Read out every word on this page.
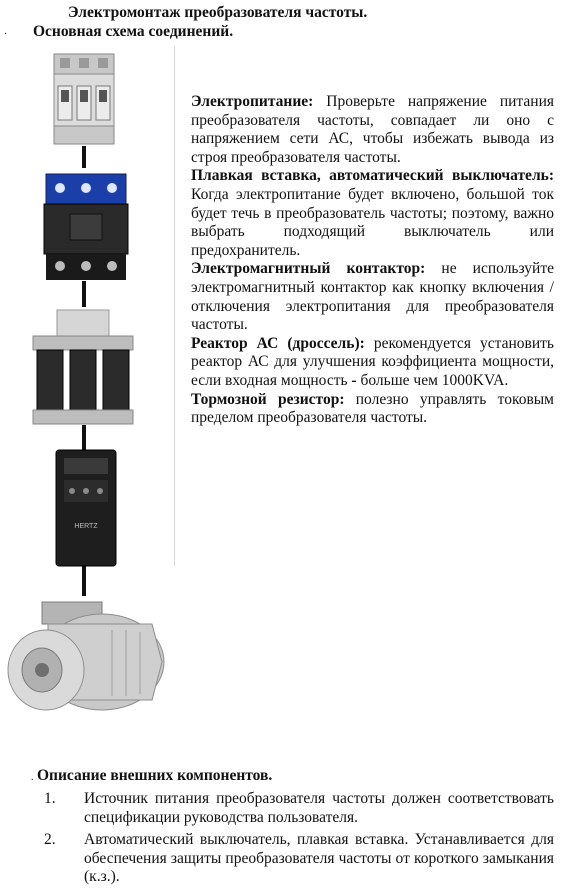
Электромонтаж преобразователя частоты.
· Основная схема соединений.
HERTZ

Электропитание: Проверьте напряжение питания преобразователя частоты, совпадает ли оно с напряжением сети АС, чтобы избежать вывода из строя преобразователя частоты.

Плавкая вставка, автоматический выключатель: Когда электропитание будет включено, большой ток будет течь в преобразователь частоты; поэтому, важно выбрать подходящий выключатель или предохранитель.

Электромагнитный контактор: не используйте электромагнитный контактор как кнопку включения / отключения электропитания для преобразователя частоты.

Реактор АС (дроссель): рекомендуется установить реактор АС для улучшения коэффициента мощности, если входная мощность - больше чем 1000KVA.

Тормозной резистор: полезно управлять токовым пределом преобразователя частоты.

. Описание внешних компонентов.
1. Источник питания преобразователя частоты должен соответствовать спецификации руководства пользователя.
2. Автоматический выключатель, плавкая вставка. Устанавливается для обеспечения защиты преобразователя частоты от короткого замыкания (к.з.).
